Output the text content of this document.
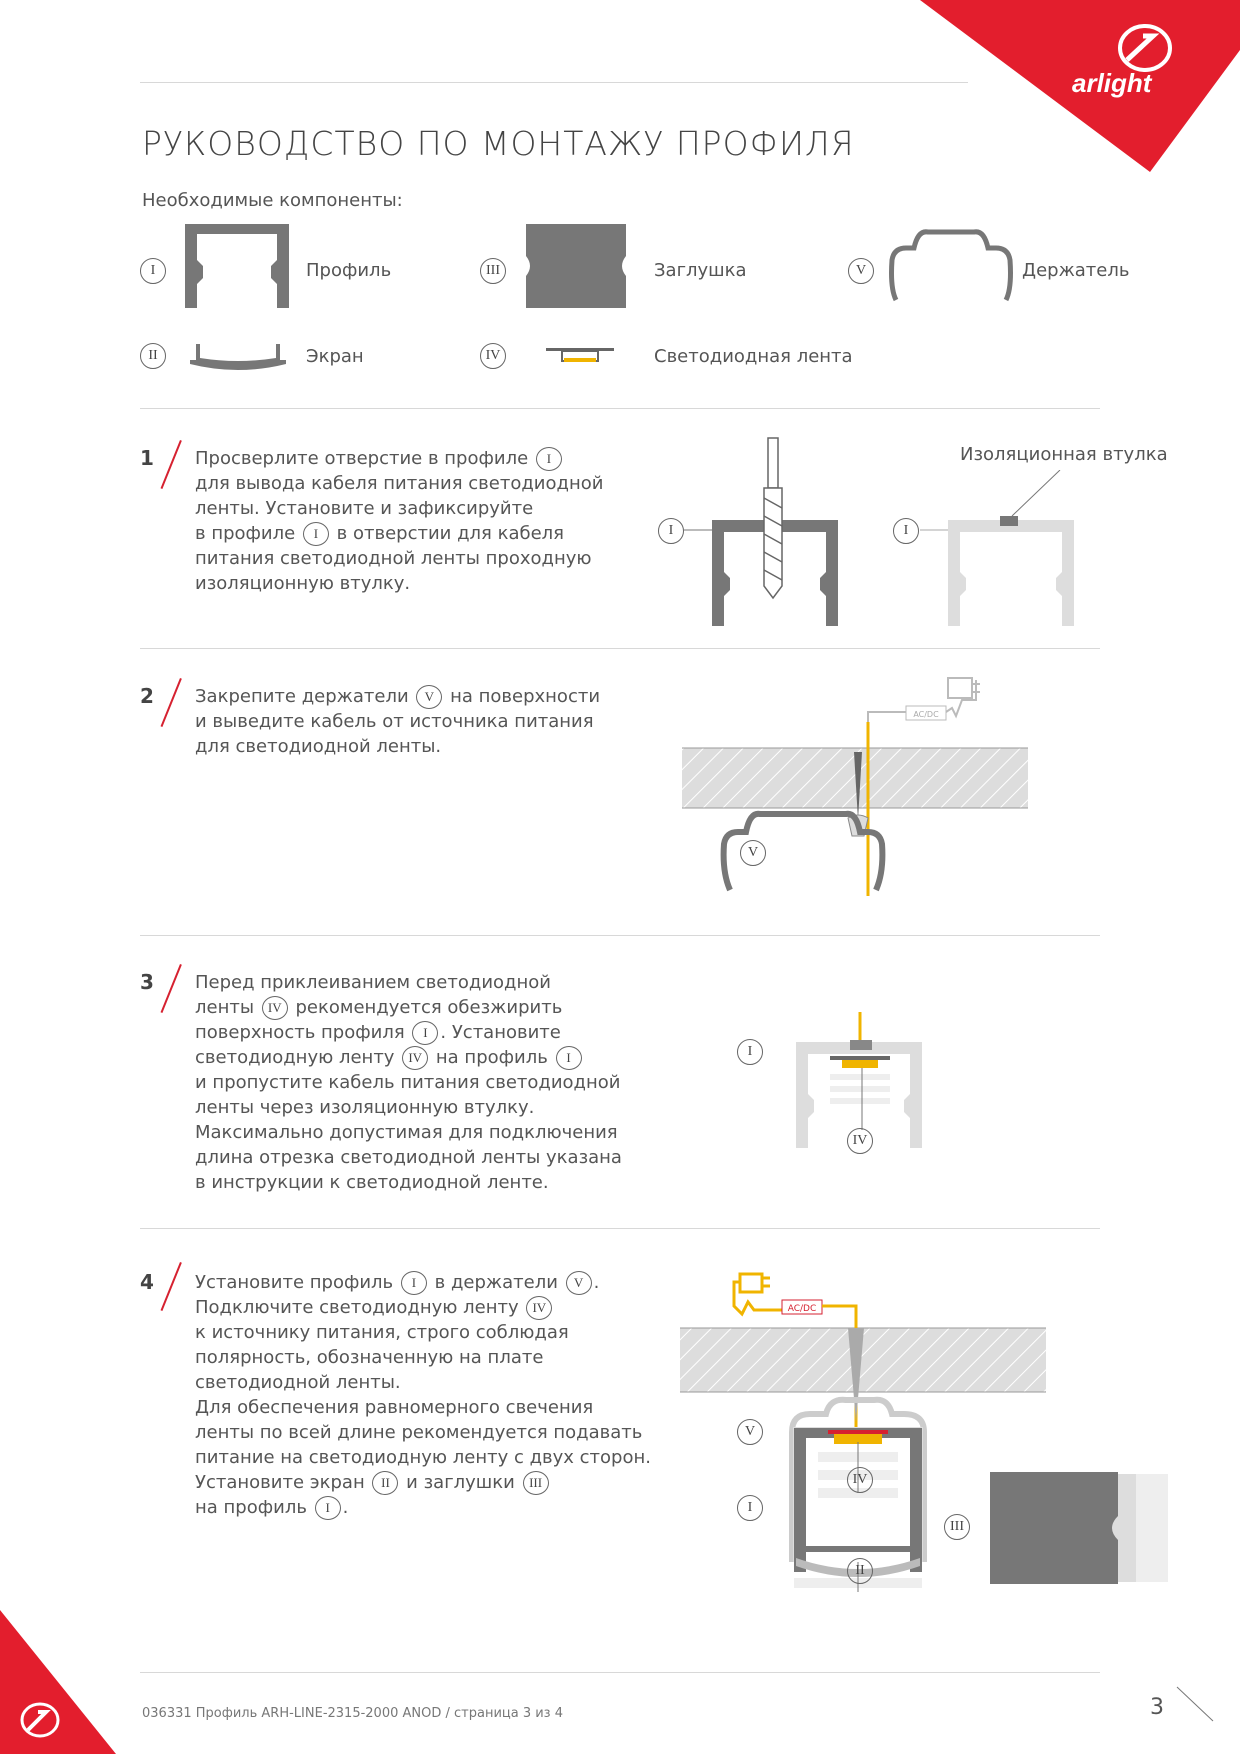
arlight
РУКОВОДСТВО ПО МОНТАЖУ ПРОФИЛЯ
Необходимые компоненты:
I	Профиль
II	Экран
III	Заглушка
IV	Светодиодная лента
V	Держатель
1 Просверлите отверстие в профиле I
для вывода кабеля питания светодиодной
ленты. Установите и зафиксируйте
в профиле I в отверстии для кабеля
питания светодиодной ленты проходную
изоляционную втулку.
I	I
Изоляционная втулка
2 Закрепите держатели V на поверхности
и выведите кабель от источника питания
для светодиодной ленты.
AC/DC
V
3 Перед приклеиванием светодиодной
ленты IV рекомендуется обезжирить
поверхность профиля I . Установите
светодиодную ленту IV на профиль I
и пропустите кабель питания светодиодной
ленты через изоляционную втулку.
Максимально допустимая для подключения
длина отрезка светодиодной ленты указана
в инструкции к светодиодной ленте.
I
IV
4 Установите профиль I в держатели V .
Подключите светодиодную ленту IV
к источнику питания, строго соблюдая
полярность, обозначенную на плате
светодиодной ленты.
Для обеспечения равномерного свечения
ленты по всей длине рекомендуется подавать
питание на светодиодную ленту с двух сторон.
Установите экран II и заглушки III
на профиль I .
AC/DC
V
IV
I
II
III
036331 Профиль ARH-LINE-2315-2000 ANOD / страница 3 из 4	3
